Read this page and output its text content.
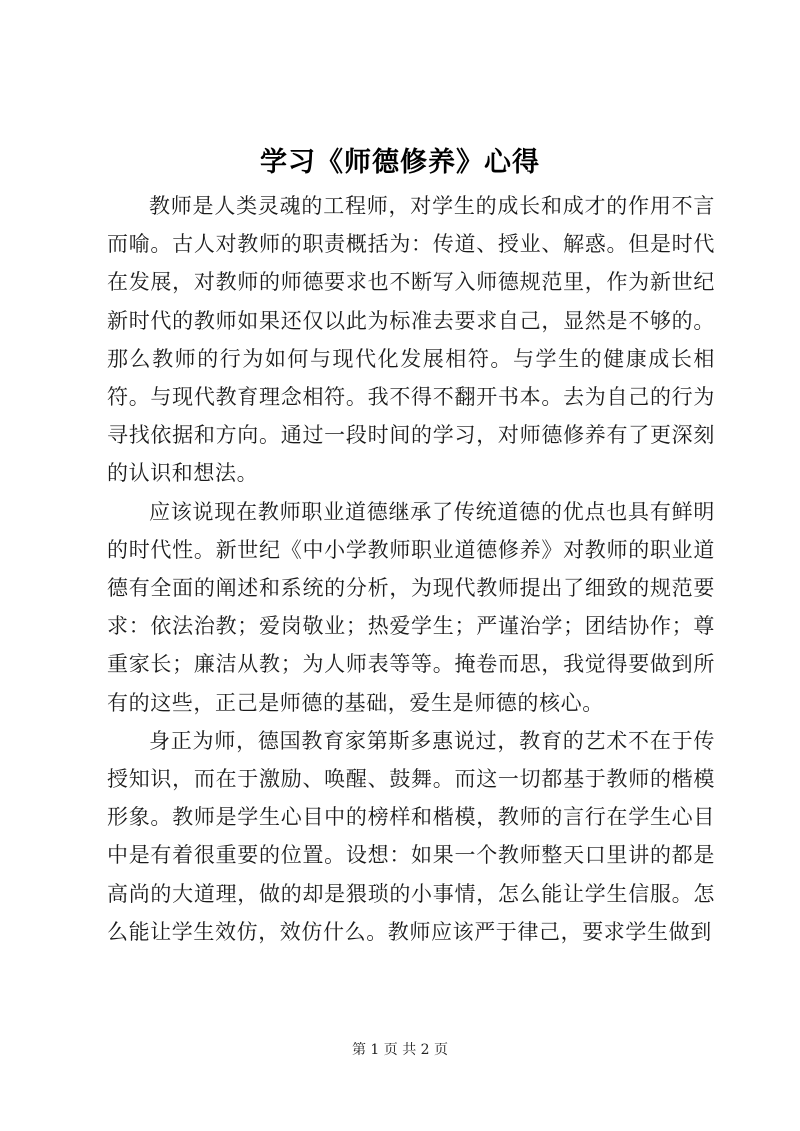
学习《师德修养》心得

教师是人类灵魂的工程师，对学生的成长和成才的作用不言而喻。古人对教师的职责概括为：传道、授业、解惑。但是时代在发展，对教师的师德要求也不断写入师德规范里，作为新世纪新时代的教师如果还仅以此为标准去要求自己，显然是不够的。那么教师的行为如何与现代化发展相符。与学生的健康成长相符。与现代教育理念相符。我不得不翻开书本。去为自己的行为寻找依据和方向。通过一段时间的学习，对师德修养有了更深刻的认识和想法。

应该说现在教师职业道德继承了传统道德的优点也具有鲜明的时代性。新世纪《中小学教师职业道德修养》对教师的职业道德有全面的阐述和系统的分析，为现代教师提出了细致的规范要求：依法治教；爱岗敬业；热爱学生；严谨治学；团结协作；尊重家长；廉洁从教；为人师表等等。掩卷而思，我觉得要做到所有的这些，正己是师德的基础，爱生是师德的核心。

身正为师，德国教育家第斯多惠说过，教育的艺术不在于传授知识，而在于激励、唤醒、鼓舞。而这一切都基于教师的楷模形象。教师是学生心目中的榜样和楷模，教师的言行在学生心目中是有着很重要的位置。设想：如果一个教师整天口里讲的都是高尚的大道理，做的却是猥琐的小事情，怎么能让学生信服。怎么能让学生效仿，效仿什么。教师应该严于律己，要求学生做到

第 1 页 共 2 页
